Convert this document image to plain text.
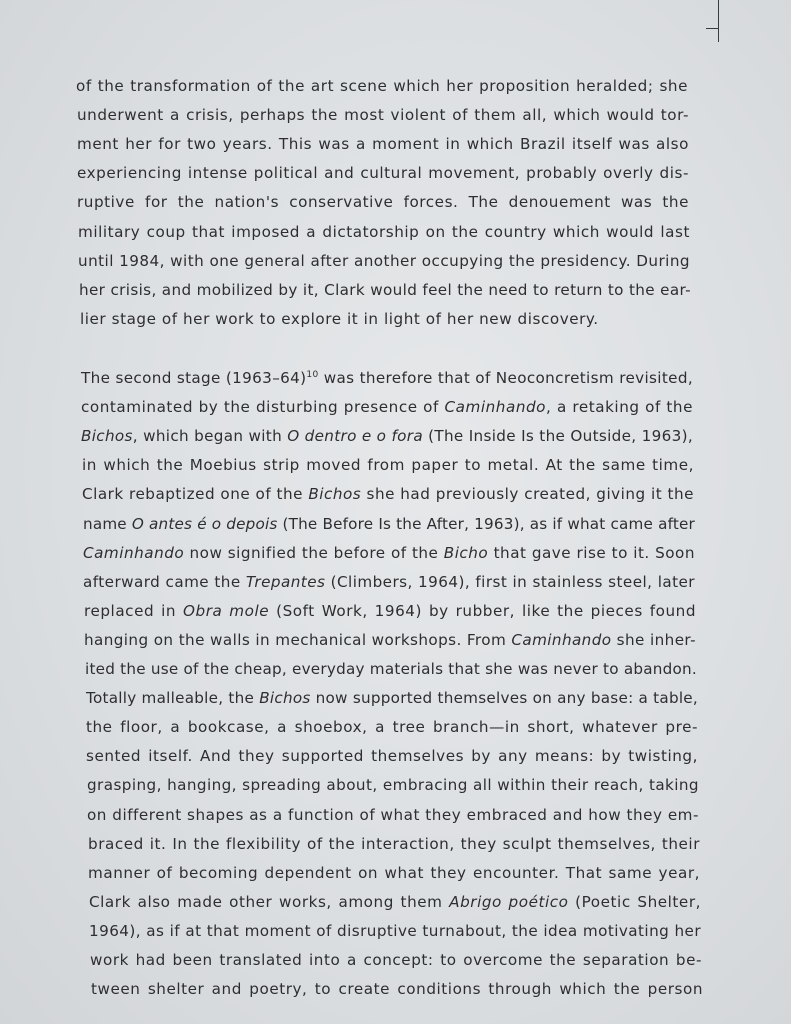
of the transformation of the art scene which her proposition heralded; she
underwent a crisis, perhaps the most violent of them all, which would tor-
ment her for two years. This was a moment in which Brazil itself was also
experiencing intense political and cultural movement, probably overly dis-
ruptive for the nation's conservative forces. The denouement was the
military coup that imposed a dictatorship on the country which would last
until 1984, with one general after another occupying the presidency. During
her crisis, and mobilized by it, Clark would feel the need to return to the ear-
lier stage of her work to explore it in light of her new discovery.
The second stage (1963–64)$^{10}$ was therefore that of Neoconcretism revisited,
contaminated by the disturbing presence of Caminhando, a retaking of the
Bichos, which began with O dentro e o fora (The Inside Is the Outside, 1963),
in which the Moebius strip moved from paper to metal. At the same time,
Clark rebaptized one of the Bichos she had previously created, giving it the
name O antes é o depois (The Before Is the After, 1963), as if what came after
Caminhando now signified the before of the Bicho that gave rise to it. Soon
afterward came the Trepantes (Climbers, 1964), first in stainless steel, later
replaced in Obra mole (Soft Work, 1964) by rubber, like the pieces found
hanging on the walls in mechanical workshops. From Caminhando she inher-
ited the use of the cheap, everyday materials that she was never to abandon.
Totally malleable, the Bichos now supported themselves on any base: a table,
the floor, a bookcase, a shoebox, a tree branch—in short, whatever pre-
sented itself. And they supported themselves by any means: by twisting,
grasping, hanging, spreading about, embracing all within their reach, taking
on different shapes as a function of what they embraced and how they em-
braced it. In the flexibility of the interaction, they sculpt themselves, their
manner of becoming dependent on what they encounter. That same year,
Clark also made other works, among them Abrigo poético (Poetic Shelter,
1964), as if at that moment of disruptive turnabout, the idea motivating her
work had been translated into a concept: to overcome the separation be-
tween shelter and poetry, to create conditions through which the person
